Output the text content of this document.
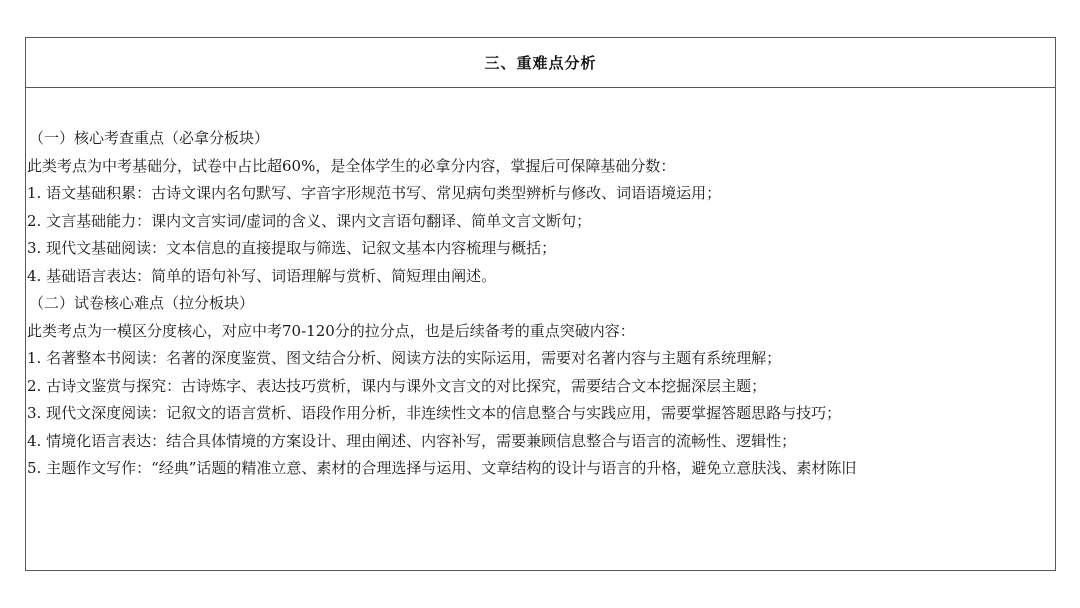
三、重难点分析
（一）核心考查重点（必拿分板块）
此类考点为中考基础分，试卷中占比超60%，是全体学生的必拿分内容，掌握后可保障基础分数：
1. 语文基础积累：古诗文课内名句默写、字音字形规范书写、常见病句类型辨析与修改、词语语境运用；
2. 文言基础能力：课内文言实词/虚词的含义、课内文言语句翻译、简单文言文断句；
3. 现代文基础阅读：文本信息的直接提取与筛选、记叙文基本内容梳理与概括；
4. 基础语言表达：简单的语句补写、词语理解与赏析、简短理由阐述。
（二）试卷核心难点（拉分板块）
此类考点为一模区分度核心，对应中考70-120分的拉分点，也是后续备考的重点突破内容：
1. 名著整本书阅读：名著的深度鉴赏、图文结合分析、阅读方法的实际运用，需要对名著内容与主题有系统理解；
2. 古诗文鉴赏与探究：古诗炼字、表达技巧赏析，课内与课外文言文的对比探究，需要结合文本挖掘深层主题；
3. 现代文深度阅读：记叙文的语言赏析、语段作用分析，非连续性文本的信息整合与实践应用，需要掌握答题思路与技巧；
4. 情境化语言表达：结合具体情境的方案设计、理由阐述、内容补写，需要兼顾信息整合与语言的流畅性、逻辑性；
5. 主题作文写作：“经典”话题的精准立意、素材的合理选择与运用、文章结构的设计与语言的升格，避免立意肤浅、素材陈旧
